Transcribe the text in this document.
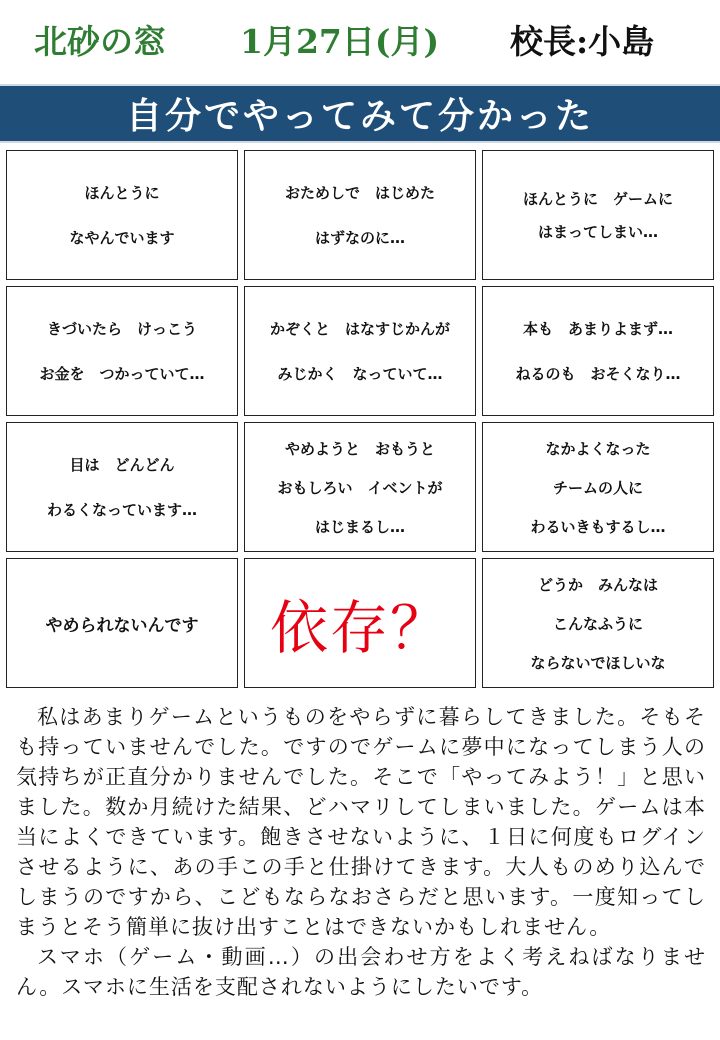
北砂の窓 1月27日(月) 校長:小島
自分でやってみて分かった
ほんとうに
なやんでいます
おためしで　はじめた
はずなのに…
ほんとうに　ゲームに
はまってしまい…
きづいたら　けっこう
お金を　つかっていて…
かぞくと　はなすじかんが
みじかく　なっていて…
本も　あまりよまず…
ねるのも　おそくなり…
目は　どんどん
わるくなっています…
やめようと　おもうと
おもしろい　イベントが
はじまるし…
なかよくなった
チームの人に
わるいきもするし…
やめられないんです 依存？
どうか　みんなは
こんなふうに
ならないでほしいな

私はあまりゲームというものをやらずに暮らしてきました。そもそも持っていませんでした。ですのでゲームに夢中になってしまう人の気持ちが正直分かりませんでした。そこで「やってみよう！」と思いました。数か月続けた結果、どハマリしてしまいました。ゲームは本当によくできています。飽きさせないように、１日に何度もログインさせるように、あの手この手と仕掛けてきます。大人ものめり込んでしまうのですから、こどもならなおさらだと思います。一度知ってしまうとそう簡単に抜け出すことはできないかもしれません。

スマホ（ゲーム・動画…）の出会わせ方をよく考えねばなりません。スマホに生活を支配されないようにしたいです。
